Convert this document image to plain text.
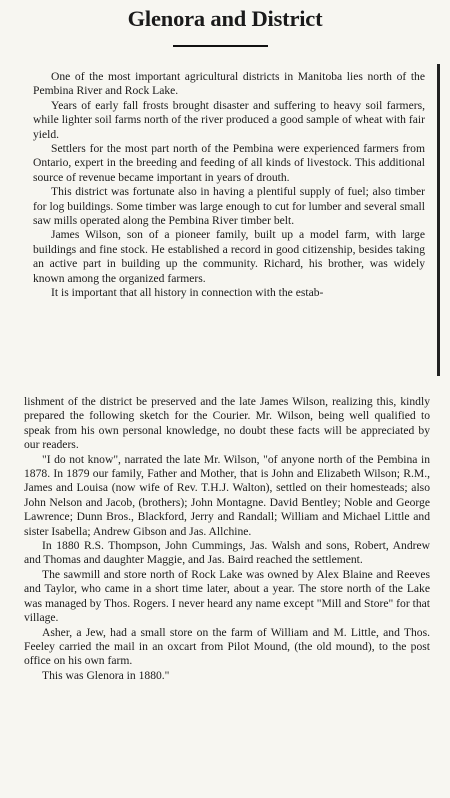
Glenora and District

One of the most important agricultural districts in Manitoba lies north of the Pembina River and Rock Lake.

Years of early fall frosts brought disaster and suffering to heavy soil farmers, while lighter soil farms north of the river produced a good sample of wheat with fair yield.

Settlers for the most part north of the Pembina were experienced farmers from Ontario, expert in the breeding and feeding of all kinds of livestock. This additional source of revenue became important in years of drouth.

This district was fortunate also in having a plentiful supply of fuel; also timber for log buildings. Some timber was large enough to cut for lumber and several small saw mills operated along the Pembina River timber belt.

James Wilson, son of a pioneer family, built up a model farm, with large buildings and fine stock. He established a record in good citizenship, besides taking an active part in building up the community. Richard, his brother, was widely known among the organized farmers.

It is important that all history in connection with the estab-

lishment of the district be preserved and the late James Wilson, realizing this, kindly prepared the following sketch for the Courier. Mr. Wilson, being well qualified to speak from his own personal knowledge, no doubt these facts will be appreciated by our readers.

"I do not know", narrated the late Mr. Wilson, "of anyone north of the Pembina in 1878. In 1879 our family, Father and Mother, that is John and Elizabeth Wilson; R.M., James and Louisa (now wife of Rev. T.H.J. Walton), settled on their homesteads; also John Nelson and Jacob, (brothers); John Montagne. David Bentley; Noble and George Lawrence; Dunn Bros., Blackford, Jerry and Randall; William and Michael Little and sister Isabella; Andrew Gibson and Jas. Allchine.

In 1880 R.S. Thompson, John Cummings, Jas. Walsh and sons, Robert, Andrew and Thomas and daughter Maggie, and Jas. Baird reached the settlement.

The sawmill and store north of Rock Lake was owned by Alex Blaine and Reeves and Taylor, who came in a short time later, about a year. The store north of the Lake was managed by Thos. Rogers. I never heard any name except "Mill and Store" for that village.

Asher, a Jew, had a small store on the farm of William and M. Little, and Thos. Feeley carried the mail in an oxcart from Pilot Mound, (the old mound), to the post office on his own farm.

This was Glenora in 1880."
